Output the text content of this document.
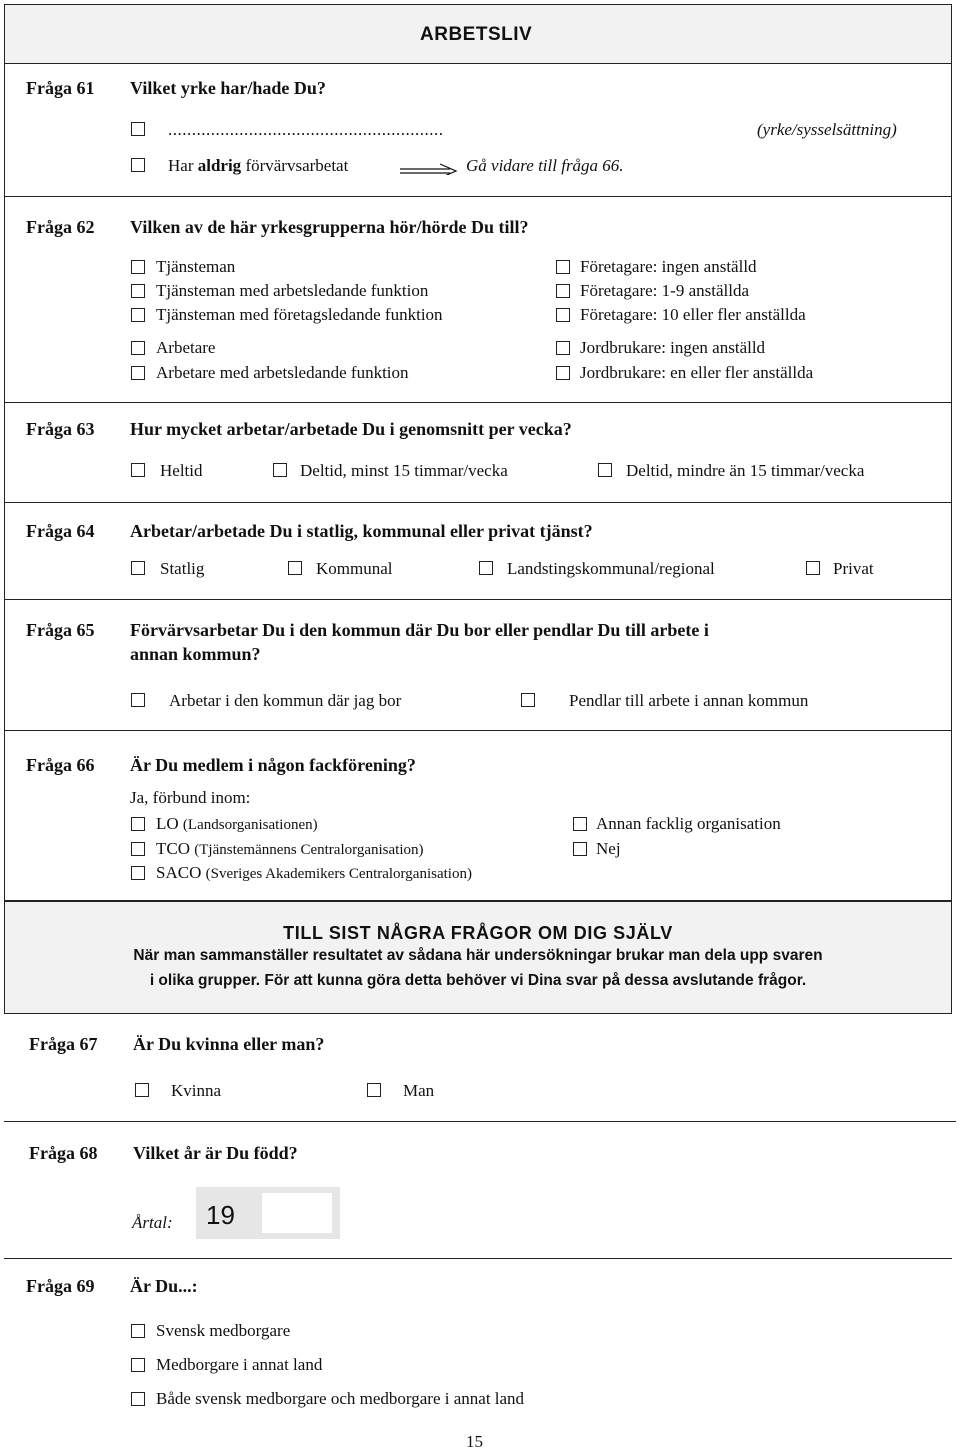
ARBETSLIV
Fråga 61 Vilket yrke har/hade Du?
..........................................................	(yrke/sysselsättning)
Har aldrig förvärvsarbetat	Gå vidare till fråga 66.
Fråga 62 Vilken av de här yrkesgrupperna hör/hörde Du till?
Tjänsteman
Tjänsteman med arbetsledande funktion
Tjänsteman med företagsledande funktion
Arbetare
Arbetare med arbetsledande funktion
Företagare: ingen anställd
Företagare: 1-9 anställda
Företagare: 10 eller fler anställda
Jordbrukare: ingen anställd
Jordbrukare: en eller fler anställda
Fråga 63 Hur mycket arbetar/arbetade Du i genomsnitt per vecka?
Heltid	Deltid, minst 15 timmar/vecka	Deltid, mindre än 15 timmar/vecka
Fråga 64 Arbetar/arbetade Du i statlig, kommunal eller privat tjänst?
Statlig	Kommunal	Landstingskommunal/regional	Privat
Fråga 65 Förvärvsarbetar Du i den kommun där Du bor eller pendlar Du till arbete i
annan kommun?
Arbetar i den kommun där jag bor	Pendlar till arbete i annan kommun
Fråga 66 Är Du medlem i någon fackförening?
Ja, förbund inom:
LO (Landsorganisationen)
TCO (Tjänstemännens Centralorganisation)
SACO (Sveriges Akademikers Centralorganisation)
Annan facklig organisation
Nej
TILL SIST NÅGRA FRÅGOR OM DIG SJÄLV
När man sammanställer resultatet av sådana här undersökningar brukar man dela upp svaren
i olika grupper. För att kunna göra detta behöver vi Dina svar på dessa avslutande frågor.
Fråga 67 Är Du kvinna eller man?
Kvinna	Man
Fråga 68 Vilket år är Du född?
Årtal: 19
Fråga 69 Är Du...:
Svensk medborgare
Medborgare i annat land
Både svensk medborgare och medborgare i annat land
15
